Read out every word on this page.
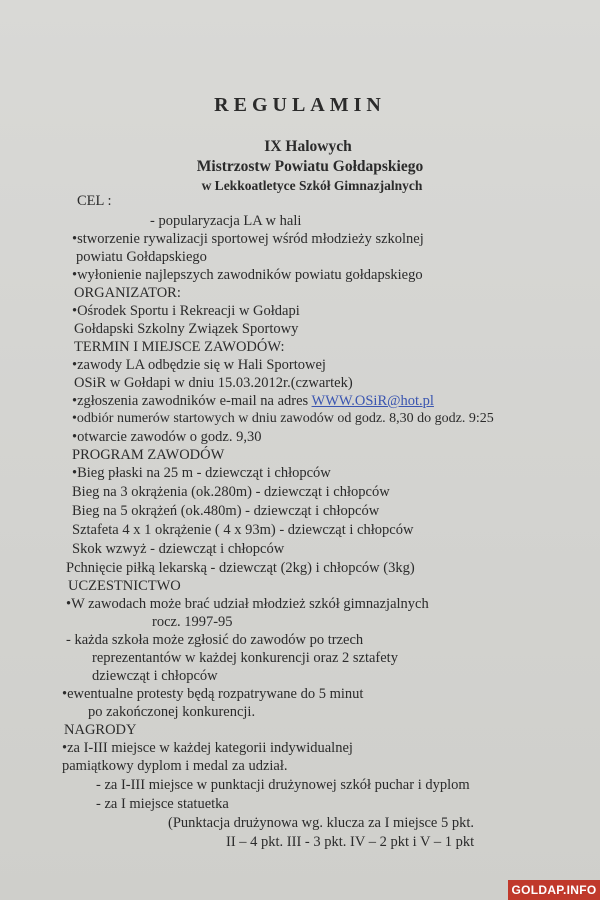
REGULAMIN
IX Halowych
Mistrzostw Powiatu Gołdapskiego
w Lekkoatletyce Szkół Gimnazjalnych
CEL :
- popularyzacja LA w hali
•stworzenie rywalizacji sportowej wśród młodzieży szkolnej
powiatu Gołdapskiego
•wyłonienie najlepszych zawodników powiatu gołdapskiego
ORGANIZATOR:
•Ośrodek Sportu i Rekreacji w Gołdapi
Gołdapski Szkolny Związek Sportowy
TERMIN I MIEJSCE ZAWODÓW:
•zawody LA odbędzie się w Hali Sportowej
OSiR w Gołdapi w dniu 15.03.2012r.(czwartek)
•zgłoszenia zawodników e-mail na adres WWW.OSiR@hot.pl
•odbiór numerów startowych w dniu zawodów od godz. 8,30 do godz. 9:25
•otwarcie zawodów o godz. 9,30
PROGRAM ZAWODÓW
•Bieg płaski na 25 m - dziewcząt i chłopców
Bieg na 3 okrążenia (ok.280m) - dziewcząt i chłopców
Bieg na 5 okrążeń (ok.480m) - dziewcząt i chłopców
Sztafeta 4 x 1 okrążenie ( 4 x 93m) - dziewcząt i chłopców
Skok wzwyż - dziewcząt i chłopców
Pchnięcie piłką lekarską - dziewcząt (2kg) i chłopców (3kg)
UCZESTNICTWO
•W zawodach może brać udział młodzież szkół gimnazjalnych
rocz. 1997-95
- każda szkoła może zgłosić do zawodów po trzech
reprezentantów w każdej konkurencji oraz 2 sztafety
dziewcząt i chłopców
•ewentualne protesty będą rozpatrywane do 5 minut
po zakończonej konkurencji.
NAGRODY
•za I-III miejsce w każdej kategorii indywidualnej
pamiątkowy dyplom i medal za udział.
- za I-III miejsce w punktacji drużynowej szkół puchar i dyplom
- za I miejsce statuetka
(Punktacja drużynowa wg. klucza za I miejsce 5 pkt.
II – 4 pkt. III - 3 pkt. IV – 2 pkt i V – 1 pkt
GOLDAP.INFO
